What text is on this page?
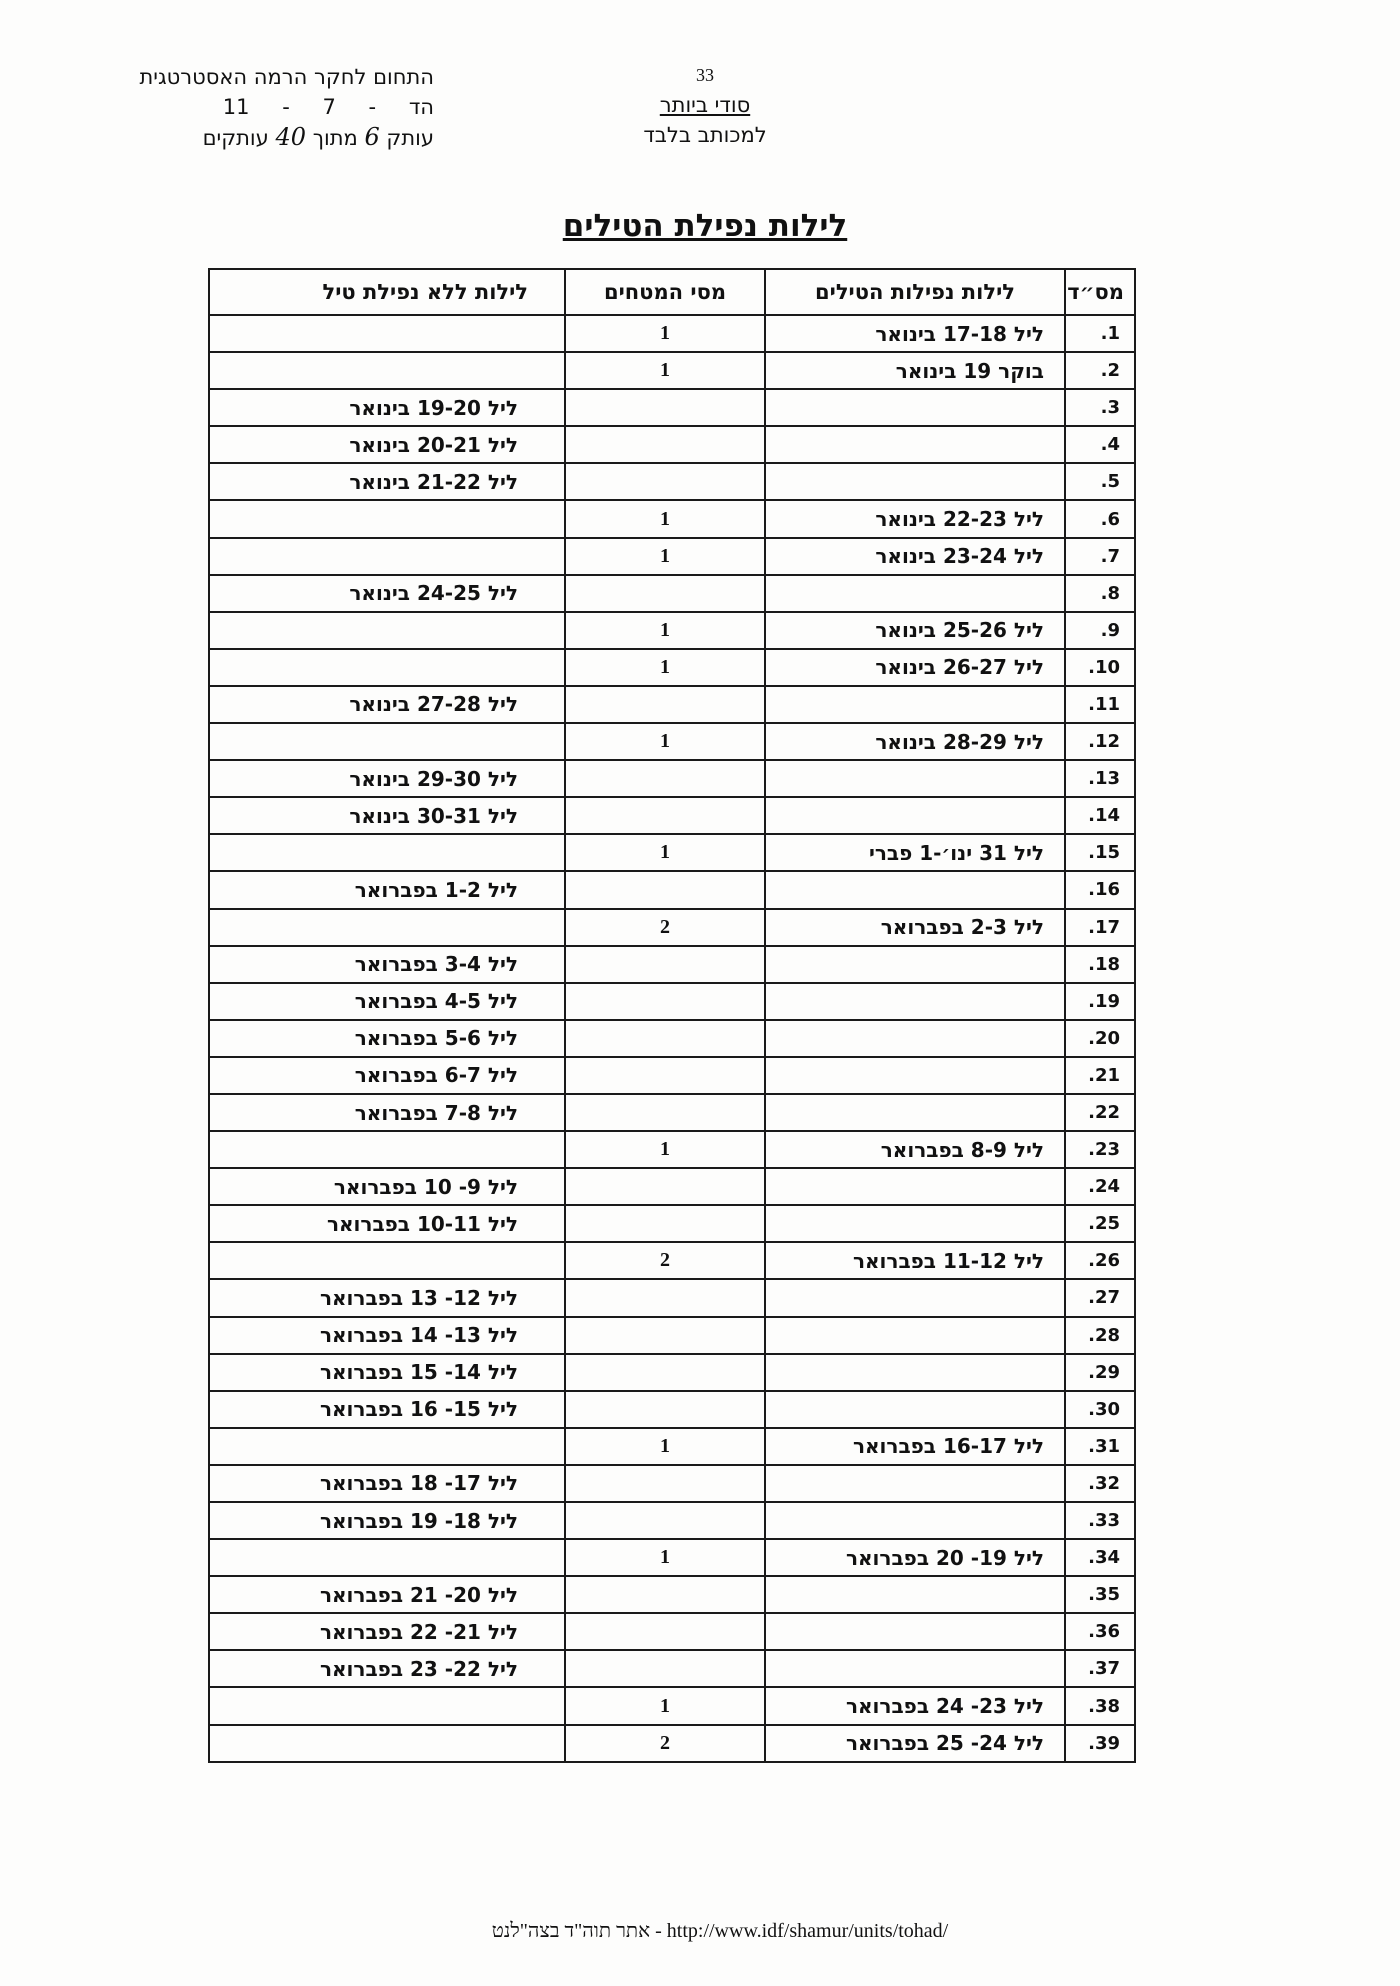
התחום לחקר הרמה האסטרטגית
הד - 7 - 11
עותק 6 מתוך 40 עותקים
33
סודי ביותר
למכותב בלבד
לילות נפילת הטילים
מס״ד	לילות נפילות הטילים	מסי המטחים	לילות ללא נפילת טיל
1.	ליל 17-18 בינואר	1	
2.	בוקר 19 בינואר	1	
3.			ליל 19-20 בינואר
4.			ליל 20-21 בינואר
5.			ליל 21-22 בינואר
6.	ליל 22-23 בינואר	1	
7.	ליל 23-24 בינואר	1	
8.			ליל 24-25 בינואר
9.	ליל 25-26 בינואר	1	
10.	ליל 26-27 בינואר	1	
11.			ליל 27-28 בינואר
12.	ליל 28-29 בינואר	1	
13.			ליל 29-30 בינואר
14.			ליל 30-31 בינואר
15.	ליל 31 ינו׳-1 פברי	1	
16.			ליל 1-2 בפברואר
17.	ליל 2-3 בפברואר	2	
18.			ליל 3-4 בפברואר
19.			ליל 4-5 בפברואר
20.			ליל 5-6 בפברואר
21.			ליל 6-7 בפברואר
22.			ליל 7-8 בפברואר
23.	ליל 8-9 בפברואר	1	
24.			ליל 9- 10 בפברואר
25.			ליל 10-11 בפברואר
26.	ליל 11-12 בפברואר	2	
27.			ליל 12- 13 בפברואר
28.			ליל 13- 14 בפברואר
29.			ליל 14- 15 בפברואר
30.			ליל 15- 16 בפברואר
31.	ליל 16-17 בפברואר	1	
32.			ליל 17- 18 בפברואר
33.			ליל 18- 19 בפברואר
34.	ליל 19- 20 בפברואר	1	
35.			ליל 20- 21 בפברואר
36.			ליל 21- 22 בפברואר
37.			ליל 22- 23 בפברואר
38.	ליל 23- 24 בפברואר	1	
39.	ליל 24- 25 בפברואר	2	
אתר תוה"ד בצה"לנט - http://www.idf/shamur/units/tohad/
